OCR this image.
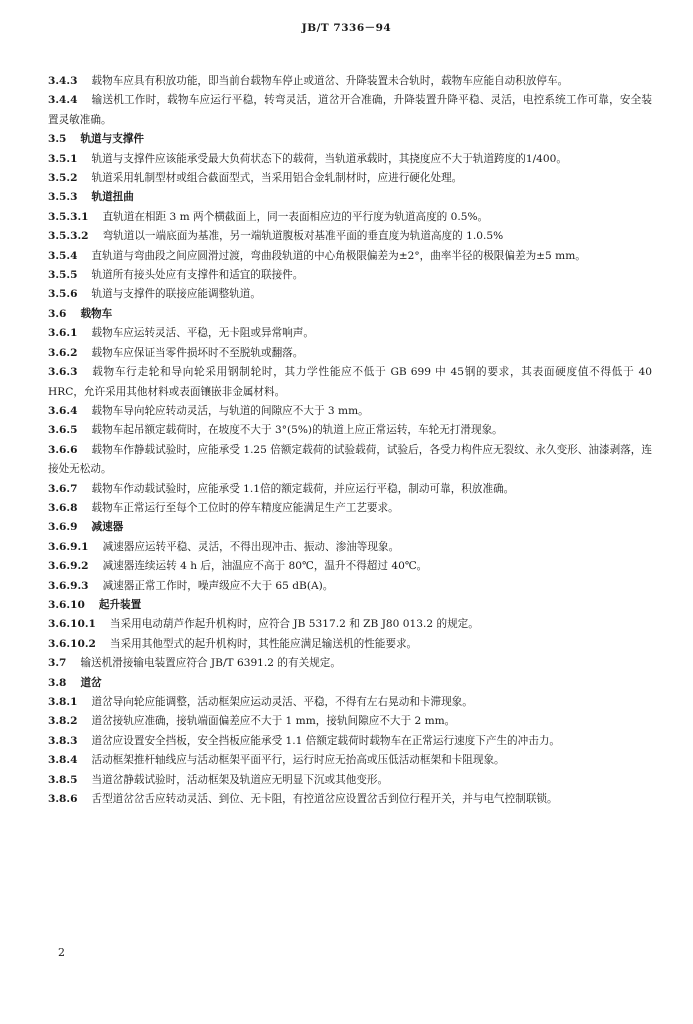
JB/T 7336－94

3.4.3 载物车应具有积放功能，即当前台载物车停止或道岔、升降装置未合轨时，载物车应能自动积放停车。

3.4.4 输送机工作时，载物车应运行平稳，转弯灵活，道岔开合准确，升降装置升降平稳、灵活，电控系统工作可靠，安全装置灵敏准确。

3.5 轨道与支撑件

3.5.1 轨道与支撑件应该能承受最大负荷状态下的载荷，当轨道承载时，其挠度应不大于轨道跨度的1/400。

3.5.2 轨道采用轧制型材或组合截面型式，当采用铝合金轧制材时，应进行硬化处理。

3.5.3 轨道扭曲

3.5.3.1 直轨道在相距 3 m 两个横截面上，同一表面相应边的平行度为轨道高度的 0.5%。

3.5.3.2 弯轨道以一端底面为基准，另一端轨道腹板对基准平面的垂直度为轨道高度的 1.0.5%

3.5.4 直轨道与弯曲段之间应圆滑过渡，弯曲段轨道的中心角极限偏差为±2°，曲率半径的极限偏差为±5 mm。

3.5.5 轨道所有接头处应有支撑件和适宜的联接件。

3.5.6 轨道与支撑件的联接应能调整轨道。

3.6 载物车

3.6.1 载物车应运转灵活、平稳，无卡阻或异常响声。

3.6.2 载物车应保证当零件损坏时不至脱轨或翻落。

3.6.3 载物车行走轮和导向轮采用钢制轮时，其力学性能应不低于 GB 699 中 45钢的要求，其表面硬度值不得低于 40 HRC，允许采用其他材料或表面镶嵌非金属材料。

3.6.4 载物车导向轮应转动灵活，与轨道的间隙应不大于 3 mm。

3.6.5 载物车起吊额定载荷时，在坡度不大于 3°(5%)的轨道上应正常运转，车轮无打滑现象。

3.6.6 载物车作静载试验时，应能承受 1.25 倍额定载荷的试验载荷，试验后，各受力构件应无裂纹、永久变形、油漆剥落，连接处无松动。

3.6.7 载物车作动载试验时，应能承受 1.1倍的额定载荷，并应运行平稳，制动可靠，积放准确。

3.6.8 载物车正常运行至每个工位时的停车精度应能满足生产工艺要求。

3.6.9 减速器

3.6.9.1 减速器应运转平稳、灵活，不得出现冲击、振动、渗油等现象。

3.6.9.2 减速器连续运转 4 h 后，油温应不高于 80℃，温升不得超过 40℃。

3.6.9.3 减速器正常工作时，噪声级应不大于 65 dB(A)。

3.6.10 起升装置

3.6.10.1 当采用电动葫芦作起升机构时，应符合 JB 5317.2 和 ZB J80 013.2 的规定。

3.6.10.2 当采用其他型式的起升机构时，其性能应满足输送机的性能要求。

3.7 输送机滑接输电装置应符合 JB/T 6391.2 的有关规定。

3.8 道岔

3.8.1 道岔导向轮应能调整，活动框架应运动灵活、平稳，不得有左右晃动和卡滞现象。

3.8.2 道岔接轨应准确，接轨端面偏差应不大于 1 mm，接轨间隙应不大于 2 mm。

3.8.3 道岔应设置安全挡板，安全挡板应能承受 1.1 倍额定载荷时载物车在正常运行速度下产生的冲击力。

3.8.4 活动框架推杆轴线应与活动框架平面平行，运行时应无抬高或压低活动框架和卡阻现象。

3.8.5 当道岔静载试验时，活动框架及轨道应无明显下沉或其他变形。

3.8.6 舌型道岔岔舌应转动灵活、到位、无卡阻，有控道岔应设置岔舌到位行程开关，并与电气控制联锁。

2
